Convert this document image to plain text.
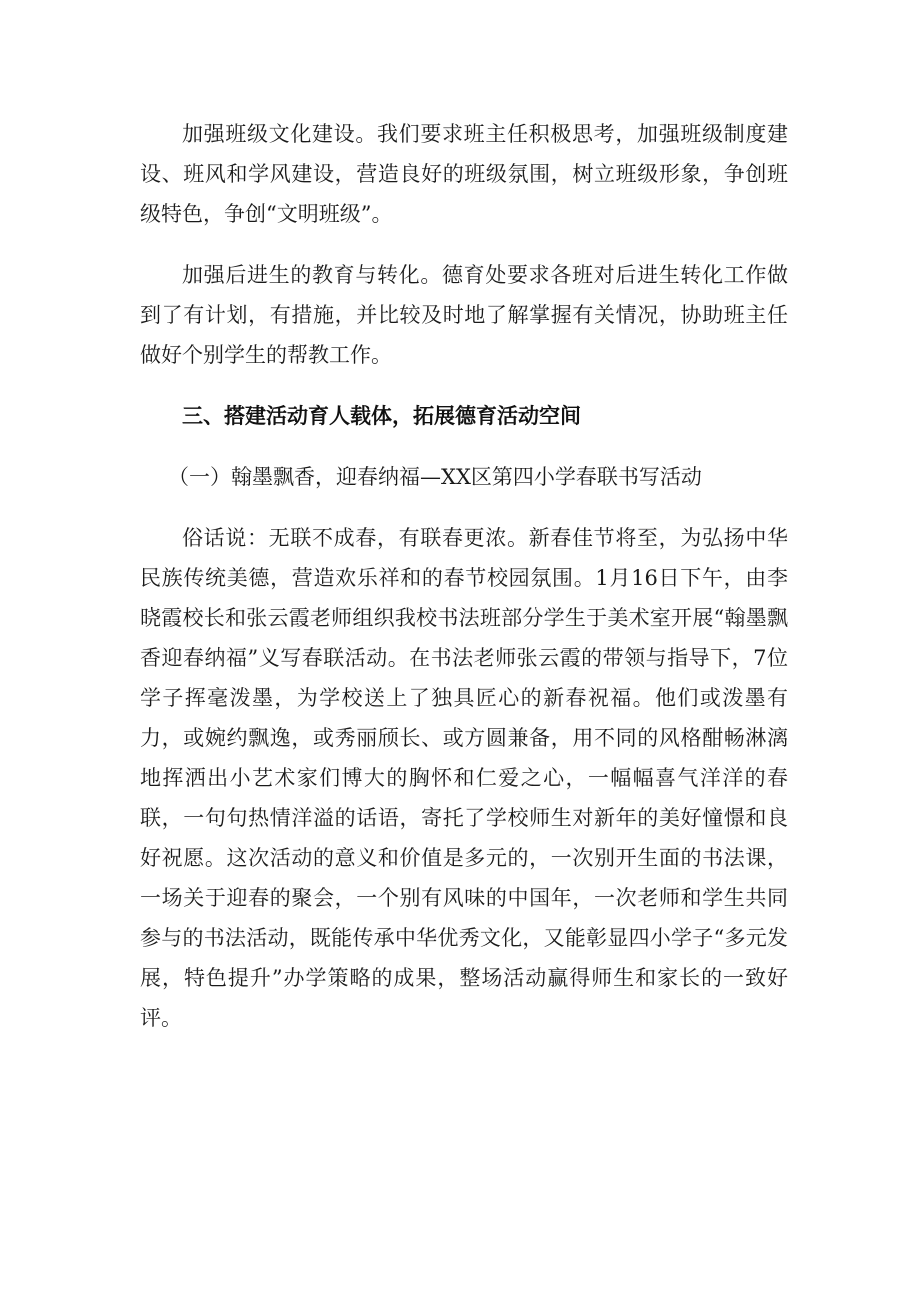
加强班级文化建设。我们要求班主任积极思考，加强班级制度建设、班风和学风建设，营造良好的班级氛围，树立班级形象，争创班级特色，争创“文明班级”。

加强后进生的教育与转化。德育处要求各班对后进生转化工作做到了有计划，有措施，并比较及时地了解掌握有关情况，协助班主任做好个别学生的帮教工作。

三、搭建活动育人载体，拓展德育活动空间

（一）翰墨飘香，迎春纳福—XX区第四小学春联书写活动

俗话说：无联不成春，有联春更浓。新春佳节将至，为弘扬中华民族传统美德，营造欢乐祥和的春节校园氛围。1月16日下午，由李晓霞校长和张云霞老师组织我校书法班部分学生于美术室开展“翰墨飘香迎春纳福”义写春联活动。在书法老师张云霞的带领与指导下，7位学子挥毫泼墨，为学校送上了独具匠心的新春祝福。他们或泼墨有力，或婉约飘逸，或秀丽颀长、或方圆兼备，用不同的风格酣畅淋漓地挥洒出小艺术家们博大的胸怀和仁爱之心，一幅幅喜气洋洋的春联，一句句热情洋溢的话语，寄托了学校师生对新年的美好憧憬和良好祝愿。这次活动的意义和价值是多元的，一次别开生面的书法课，一场关于迎春的聚会，一个别有风味的中国年，一次老师和学生共同参与的书法活动，既能传承中华优秀文化，又能彰显四小学子“多元发展，特色提升”办学策略的成果，整场活动赢得师生和家长的一致好评。
